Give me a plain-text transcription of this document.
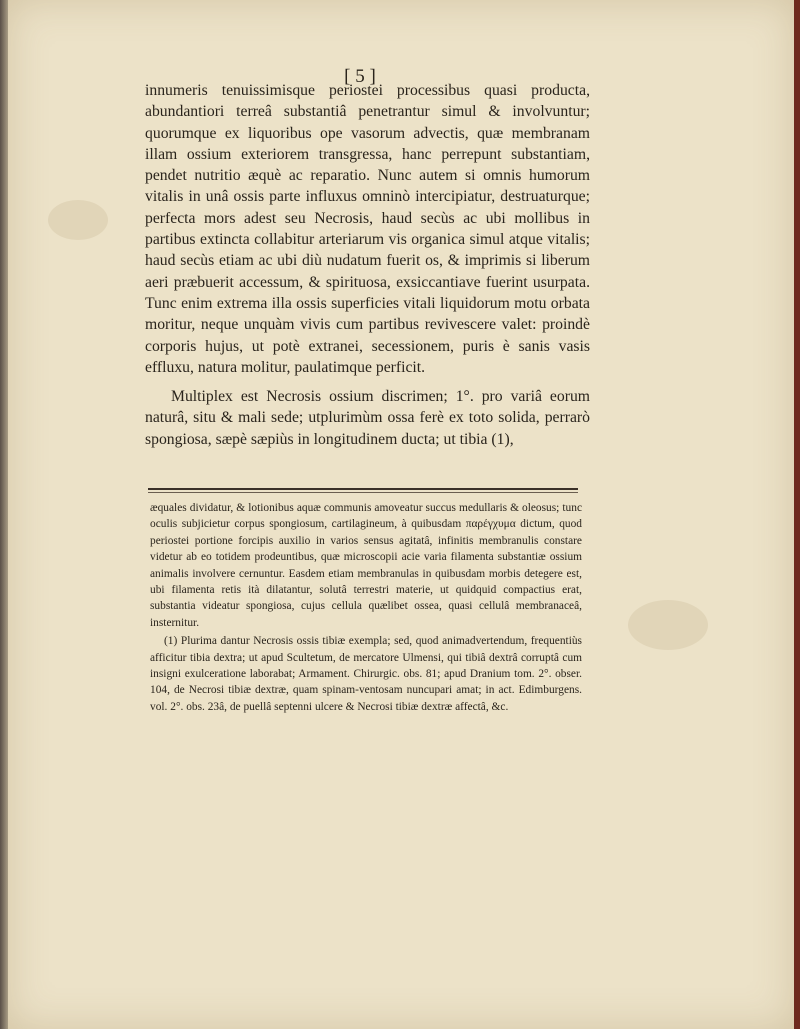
[ 5 ]

innumeris tenuissimisque periostei processibus quasi producta, abundantiori terreâ substantiâ penetrantur simul & involvuntur; quorumque ex liquoribus ope vasorum advectis, quæ membranam illam ossium exteriorem transgressa, hanc perrepunt substantiam, pendet nutritio æquè ac reparatio. Nunc autem si omnis humorum vitalis in unâ ossis parte influxus omninò intercipiatur, destruaturque; perfecta mors adest seu Necrosis, haud secùs ac ubi mollibus in partibus extincta collabitur arteriarum vis organica simul atque vitalis; haud secùs etiam ac ubi diù nudatum fuerit os, & imprimis si liberum aeri præbuerit accessum, & spirituosa, exsiccantiave fuerint usurpata. Tunc enim extrema illa ossis superficies vitali liquidorum motu orbata moritur, neque unquàm vivis cum partibus revivescere valet: proindè corporis hujus, ut potè extranei, secessionem, puris è sanis vasis effluxu, natura molitur, paulatimque perficit.

Multiplex est Necrosis ossium discrimen; 1°. pro variâ eorum naturâ, situ & mali sede; utplurimùm ossa ferè ex toto solida, perrarò spongiosa, sæpè sæpiùs in longitudinem ducta; ut tibia (1),

æquales dividatur, & lotionibus aquæ communis amoveatur succus medullaris & oleosus; tunc oculis subjicietur corpus spongiosum, cartilagineum, à quibusdam παρέγχυμα dictum, quod periostei portione forcipis auxilio in varios sensus agitatâ, infinitis membranulis constare videtur ab eo totidem prodeuntibus, quæ microscopii acie varia filamenta substantiæ ossium animalis involvere cernuntur. Easdem etiam membranulas in quibusdam morbis detegere est, ubi filamenta retis ità dilatantur, solutâ terrestri materie, ut quidquid compactius erat, substantia videatur spongiosa, cujus cellula quælibet ossea, quasi cellulâ membranaceâ, insternitur.

(1) Plurima dantur Necrosis ossis tibiæ exempla; sed, quod animadvertendum, frequentiùs afficitur tibia dextra; ut apud Scultetum, de mercatore Ulmensi, qui tibiâ dextrâ corruptâ cum insigni exulceratione laborabat; Armament. Chirurgic. obs. 81; apud Dranium tom. 2°. obser. 104, de Necrosi tibiæ dextræ, quam spinam-ventosam nuncupari amat; in act. Edimburgens. vol. 2°. obs. 23â, de puellâ septenni ulcere & Necrosi tibiæ dextræ affectâ, &c.
